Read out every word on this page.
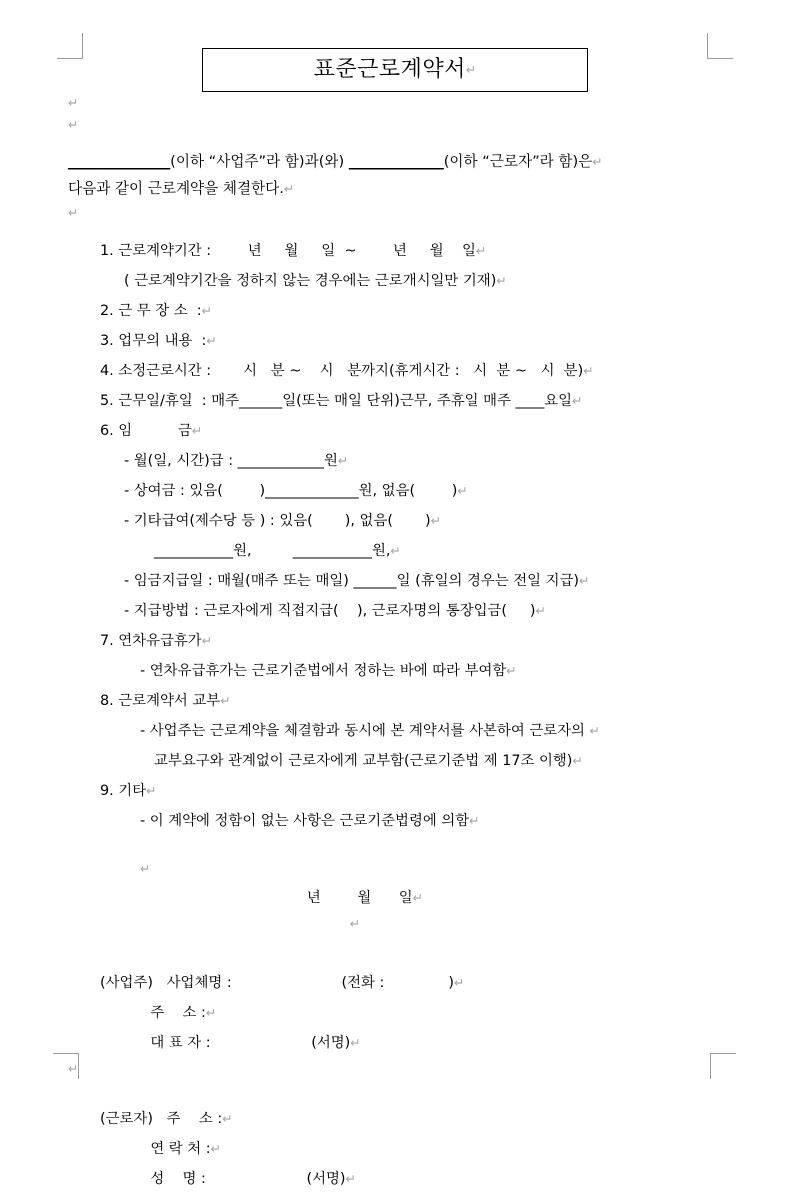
표준근로계약서 ↵
↵
↵
______________(이하 “사업주”라 함)과(와) _____________(이하 “근로자”라 함)은↵
다음과 같이 근로계약을 체결한다.↵
↵
1. 근로계약기간 :        년     월     일  ~        년     월    일↵
( 근로계약기간을 정하지 않는 경우에는 근로개시일만 기재)↵
2. 근 무 장 소  :↵
3. 업무의 내용  :↵
4. 소정근로시간 :       시   분 ~    시   분까지(휴게시간 :   시  분 ~   시  분)↵
5. 근무일/휴일  : 매주______일(또는 매일 단위)근무, 주휴일 매주 ____요일↵
6. 임          금↵
- 월(일, 시간)급 : ____________원↵
- 상여금 : 있음(        )_____________원, 없음(        )↵
- 기타급여(제수당 등 ) : 있음(       ), 없음(       )↵
___________원,         ___________원,↵
- 임금지급일 : 매월(매주 또는 매일) ______일 (휴일의 경우는 전일 지급)↵
- 지급방법 : 근로자에게 직접지급(    ), 근로자명의 통장입금(     )↵
7. 연차유급휴가↵
- 연차유급휴가는 근로기준법에서 정하는 바에 따라 부여함↵
8. 근로계약서 교부↵
- 사업주는 근로계약을 체결함과 동시에 본 계약서를 사본하여 근로자의 ↵
교부요구와 관계없이 근로자에게 교부함(근로기준법 제 17조 이행)↵
9. 기타↵
- 이 계약에 정함이 없는 사항은 근로기준법령에 의함↵
↵
년        월      일↵
↵
(사업주)   사업체명 :                        (전화 :              )↵
주    소 :↵
대 표 자 :                      (서명)↵
↵
(근로자)   주    소 :↵
연 락 처 :↵
성    명 :                      (서명)↵
